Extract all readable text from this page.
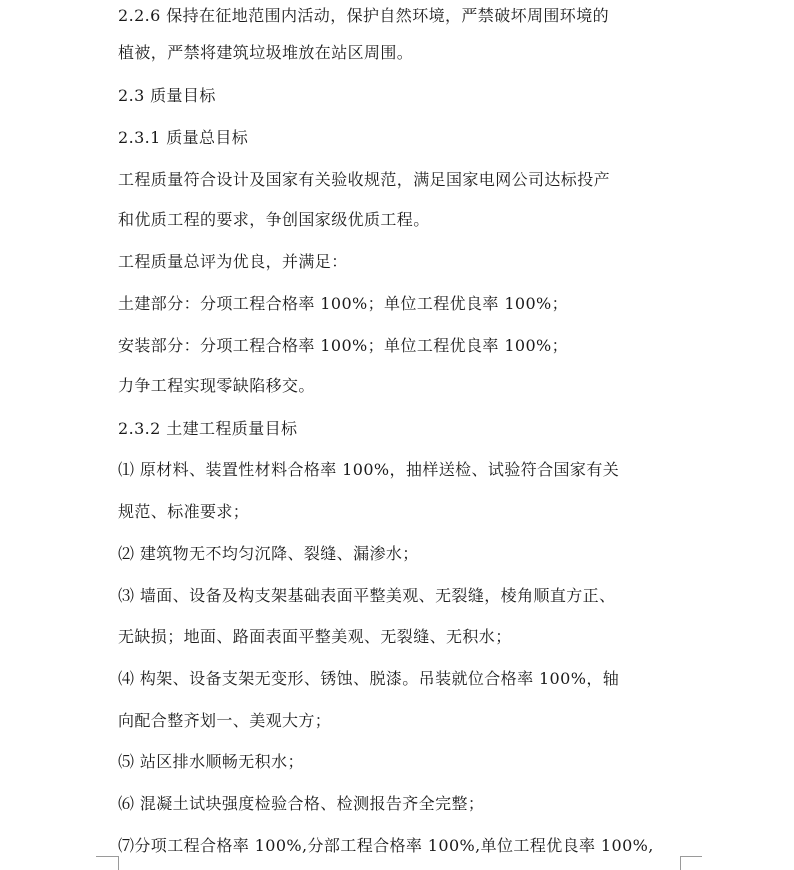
2.2.6 保持在征地范围内活动，保护自然环境，严禁破坏周围环境的
植被，严禁将建筑垃圾堆放在站区周围。
2.3 质量目标
2.3.1 质量总目标
工程质量符合设计及国家有关验收规范，满足国家电网公司达标投产
和优质工程的要求，争创国家级优质工程。
工程质量总评为优良，并满足：
土建部分：分项工程合格率 100%；单位工程优良率 100%；
安装部分：分项工程合格率 100%；单位工程优良率 100%；
力争工程实现零缺陷移交。
2.3.2 土建工程质量目标
⑴ 原材料、装置性材料合格率 100%，抽样送检、试验符合国家有关
规范、标准要求；
⑵ 建筑物无不均匀沉降、裂缝、漏渗水；
⑶ 墙面、设备及构支架基础表面平整美观、无裂缝，棱角顺直方正、
无缺损；地面、路面表面平整美观、无裂缝、无积水；
⑷ 构架、设备支架无变形、锈蚀、脱漆。吊装就位合格率 100%，轴
向配合整齐划一、美观大方；
⑸ 站区排水顺畅无积水；
⑹ 混凝土试块强度检验合格、检测报告齐全完整；
⑺分项工程合格率 100%,分部工程合格率 100%,单位工程优良率 100%,
